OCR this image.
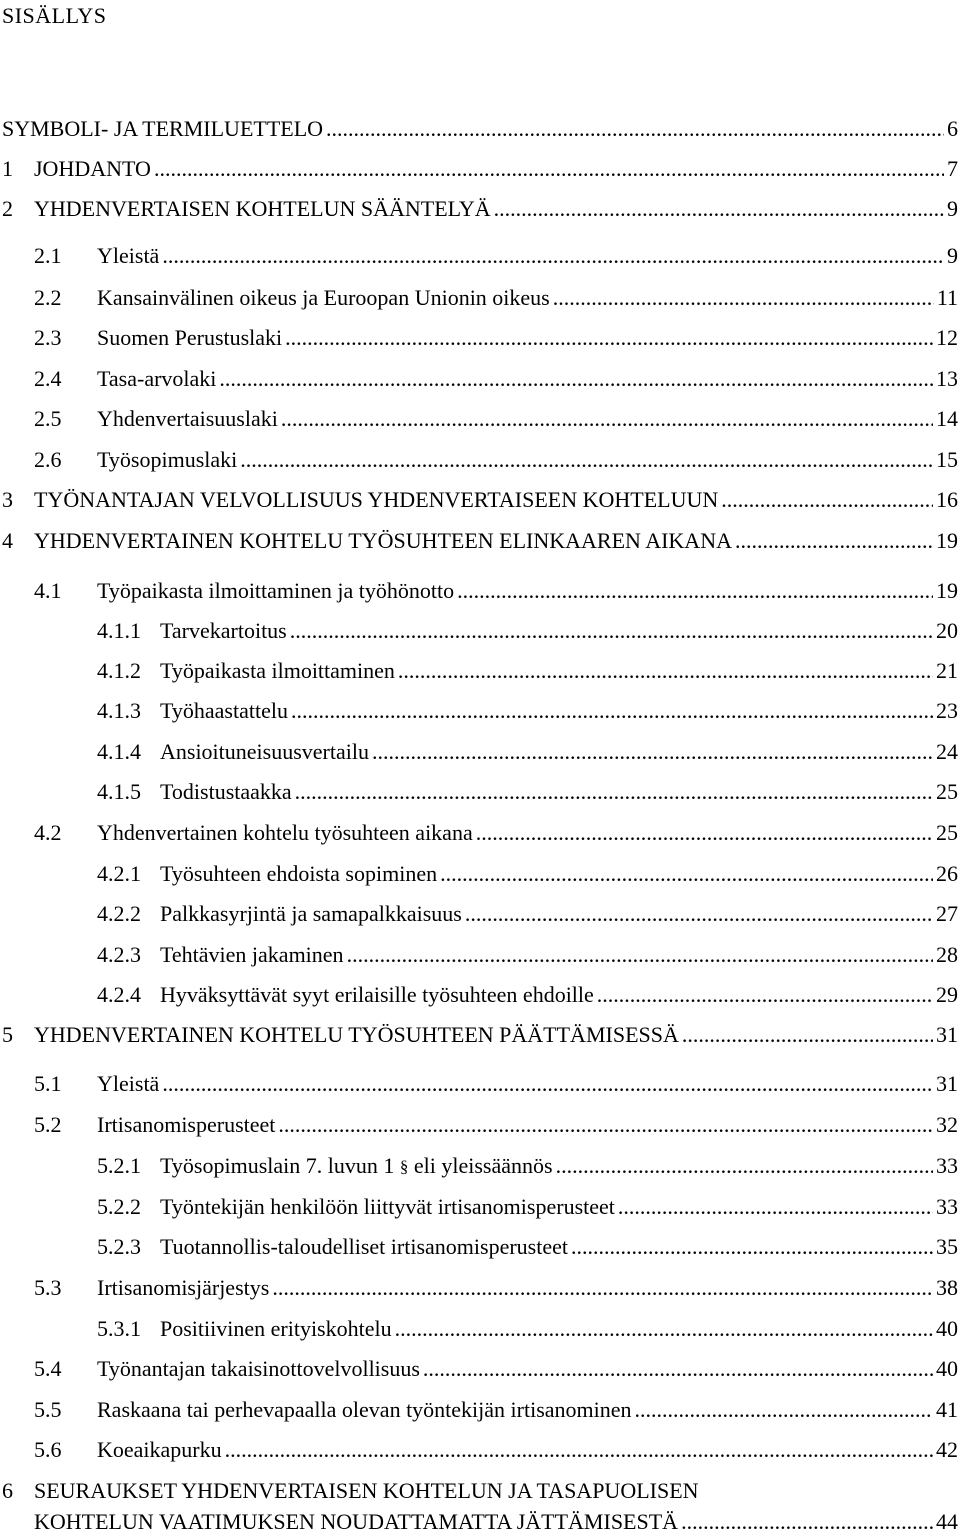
SISÄLLYS
SYMBOLI- JA TERMILUETTELO .....	6
1 JOHDANTO .....	7
2 YHDENVERTAISEN KOHTELUN SÄÄNTELYÄ .....	9
2.1 Yleistä .....	9
2.2 Kansainvälinen oikeus ja Euroopan Unionin oikeus .....	11
2.3 Suomen Perustuslaki .....	12
2.4 Tasa-arvolaki .....	13
2.5 Yhdenvertaisuuslaki .....	14
2.6 Työsopimuslaki .....	15
3 TYÖNANTAJAN VELVOLLISUUS YHDENVERTAISEEN KOHTELUUN .....	16
4 YHDENVERTAINEN KOHTELU TYÖSUHTEEN ELINKAAREN AIKANA .....	19
4.1 Työpaikasta ilmoittaminen ja työhönotto .....	19
4.1.1 Tarvekartoitus .....	20
4.1.2 Työpaikasta ilmoittaminen .....	21
4.1.3 Työhaastattelu .....	23
4.1.4 Ansioituneisuusvertailu .....	24
4.1.5 Todistustaakka .....	25
4.2 Yhdenvertainen kohtelu työsuhteen aikana .....	25
4.2.1 Työsuhteen ehdoista sopiminen .....	26
4.2.2 Palkkasyrjintä ja samapalkkaisuus .....	27
4.2.3 Tehtävien jakaminen .....	28
4.2.4 Hyväksyttävät syyt erilaisille työsuhteen ehdoille .....	29
5 YHDENVERTAINEN KOHTELU TYÖSUHTEEN PÄÄTTÄMISESSÄ .....	31
5.1 Yleistä .....	31
5.2 Irtisanomisperusteet .....	32
5.2.1 Työsopimuslain 7. luvun 1 § eli yleissäännös .....	33
5.2.2 Työntekijän henkilöön liittyvät irtisanomisperusteet .....	33
5.2.3 Tuotannollis-taloudelliset irtisanomisperusteet .....	35
5.3 Irtisanomisjärjestys .....	38
5.3.1 Positiivinen erityiskohtelu .....	40
5.4 Työnantajan takaisinottovelvollisuus .....	40
5.5 Raskaana tai perhevapaalla olevan työntekijän irtisanominen .....	41
5.6 Koeaikapurku .....	42
6 SEURAUKSET YHDENVERTAISEN KOHTELUN JA TASAPUOLISEN
KOHTELUN VAATIMUKSEN NOUDATTAMATTA JÄTTÄMISESTÄ .....	44
